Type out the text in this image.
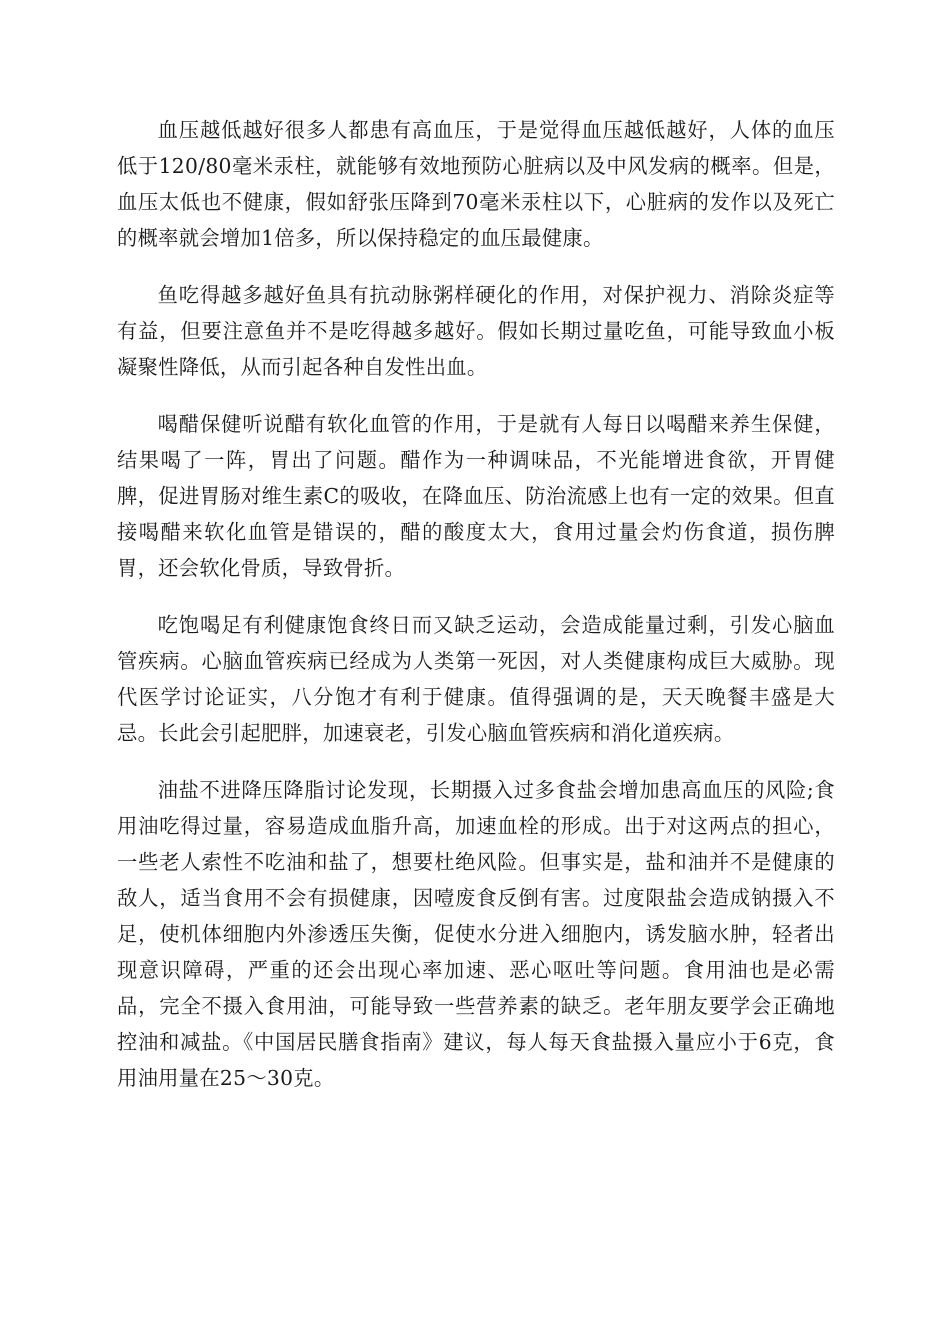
血压越低越好很多人都患有高血压，于是觉得血压越低越好，人体的血压低于120/80毫米汞柱，就能够有效地预防心脏病以及中风发病的概率。但是，血压太低也不健康，假如舒张压降到70毫米汞柱以下，心脏病的发作以及死亡的概率就会增加1倍多，所以保持稳定的血压最健康。

鱼吃得越多越好鱼具有抗动脉粥样硬化的作用，对保护视力、消除炎症等有益，但要注意鱼并不是吃得越多越好。假如长期过量吃鱼，可能导致血小板凝聚性降低，从而引起各种自发性出血。

喝醋保健听说醋有软化血管的作用，于是就有人每日以喝醋来养生保健，结果喝了一阵，胃出了问题。醋作为一种调味品，不光能增进食欲，开胃健脾，促进胃肠对维生素C的吸收，在降血压、防治流感上也有一定的效果。但直接喝醋来软化血管是错误的，醋的酸度太大，食用过量会灼伤食道，损伤脾胃，还会软化骨质，导致骨折。

吃饱喝足有利健康饱食终日而又缺乏运动，会造成能量过剩，引发心脑血管疾病。心脑血管疾病已经成为人类第一死因，对人类健康构成巨大威胁。现代医学讨论证实，八分饱才有利于健康。值得强调的是，天天晚餐丰盛是大忌。长此会引起肥胖，加速衰老，引发心脑血管疾病和消化道疾病。

油盐不进降压降脂讨论发现，长期摄入过多食盐会增加患高血压的风险;食用油吃得过量，容易造成血脂升高，加速血栓的形成。出于对这两点的担心，一些老人索性不吃油和盐了，想要杜绝风险。但事实是，盐和油并不是健康的敌人，适当食用不会有损健康，因噎废食反倒有害。过度限盐会造成钠摄入不足，使机体细胞内外渗透压失衡，促使水分进入细胞内，诱发脑水肿，轻者出现意识障碍，严重的还会出现心率加速、恶心呕吐等问题。食用油也是必需品，完全不摄入食用油，可能导致一些营养素的缺乏。老年朋友要学会正确地控油和减盐。《中国居民膳食指南》建议，每人每天食盐摄入量应小于6克，食用油用量在25～30克。
